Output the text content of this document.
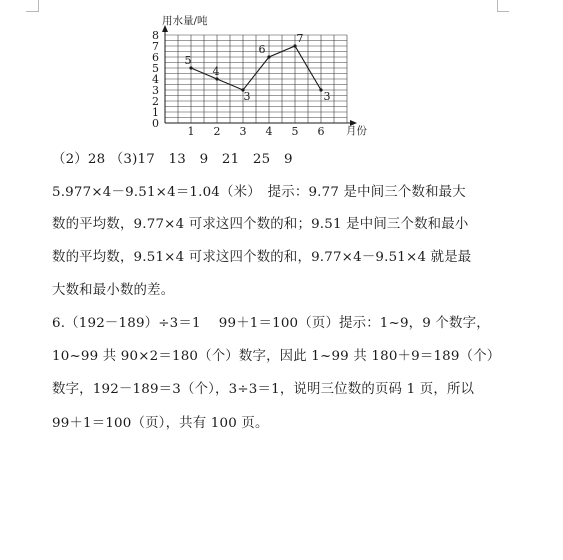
0
1
2
3
4
5
6
7
8
1 2 3 4 5 6
5
4
3
6
7
3
用水量/吨
月份

（2）28 （3)17　13　9　21　25　9

5.977×4－9.51×4＝1.04（米）　提示：9.77 是中间三个数和最大

数的平均数，9.77×4 可求这四个数的和；9.51 是中间三个数和最小

数的平均数，9.51×4 可求这四个数的和，9.77×4－9.51×4 就是最

大数和最小数的差。

6.（192－189）÷3＝1　 99＋1＝100（页）提示：1~9，9 个数字，

10~99 共 90×2＝180（个）数字，因此 1~99 共 180＋9＝189（个）

数字，192－189＝3（个），3÷3＝1，说明三位数的页码 1 页，所以

99＋1＝100（页），共有 100 页。
